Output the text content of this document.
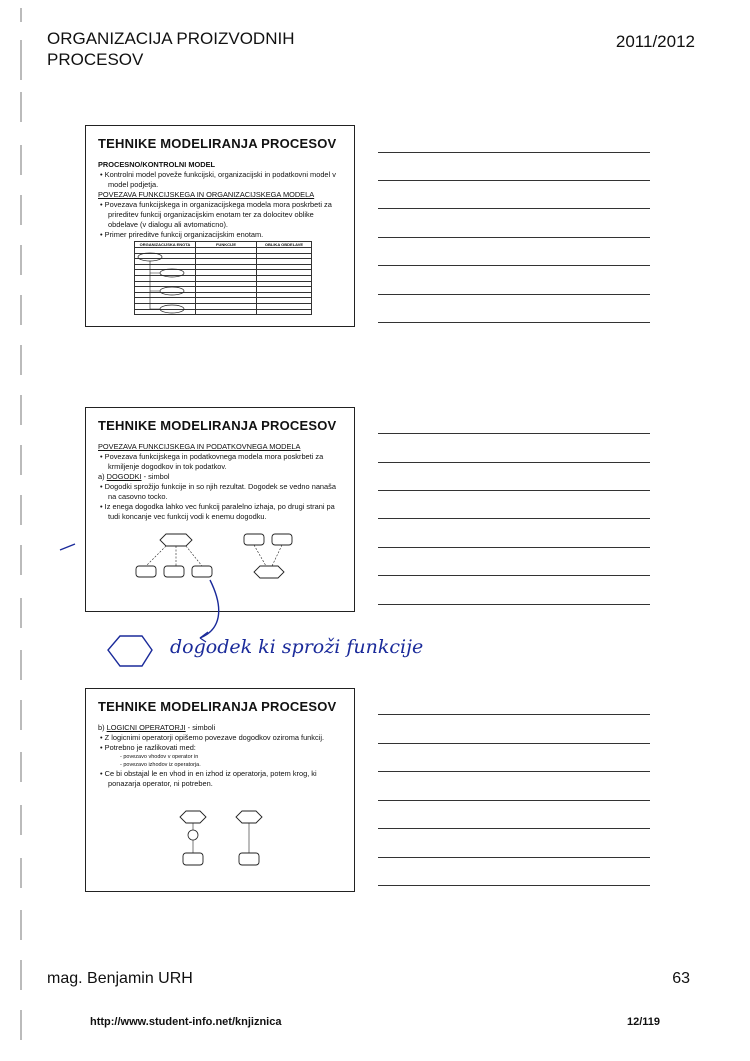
ORGANIZACIJA PROIZVODNIH PROCESOV
2011/2012
TEHNIKE MODELIRANJA PROCESOV
PROCESNO/KONTROLNI MODEL
• Kontrolni model poveže funkcijski, organizacijski in podatkovni model v model podjetja.
POVEZAVA FUNKCIJSKEGA IN ORGANIZACIJSKEGA MODELA
• Povezava funkcijskega in organizacijskega modela mora poskrbeti za prireditev funkcij organizacijskim enotam ter za dolocitev oblike obdelave (v dialogu ali avtomaticno).
• Primer prireditve funkcij organizacijskim enotam.
ORGANIZACIJSKA ENOTA	FUNKCIJE	OBLIKA OBDELAVE

TEHNIKE MODELIRANJA PROCESOV
POVEZAVA FUNKCIJSKEGA IN PODATKOVNEGA MODELA
• Povezava funkcijskega in podatkovnega modela mora poskrbeti za krmiljenje dogodkov in tok podatkov.
a) DOGODKI - simbol
• Dogodki sprožijo funkcije in so njih rezultat. Dogodek se vedno nanaša na casovno tocko.
• Iz enega dogodka lahko vec funkcij paralelno izhaja, po drugi strani pa tudi koncanje vec funkcij vodi k enemu dogodku.
dogodek ki sproži funkcije
TEHNIKE MODELIRANJA PROCESOV
b) LOGICNI OPERATORJI - simboli
• Z logicnimi operatorji opišemo povezave dogodkov oziroma funkcij.
• Potrebno je razlikovati med:
- povezavo vhodov v operator in
- povezavo izhodov iz operatorja.
• Ce bi obstajal le en vhod in en izhod iz operatorja, potem krog, ki ponazarja operator, ni potreben.
mag. Benjamin URH	63
http://www.student-info.net/knjiznica	12/119
